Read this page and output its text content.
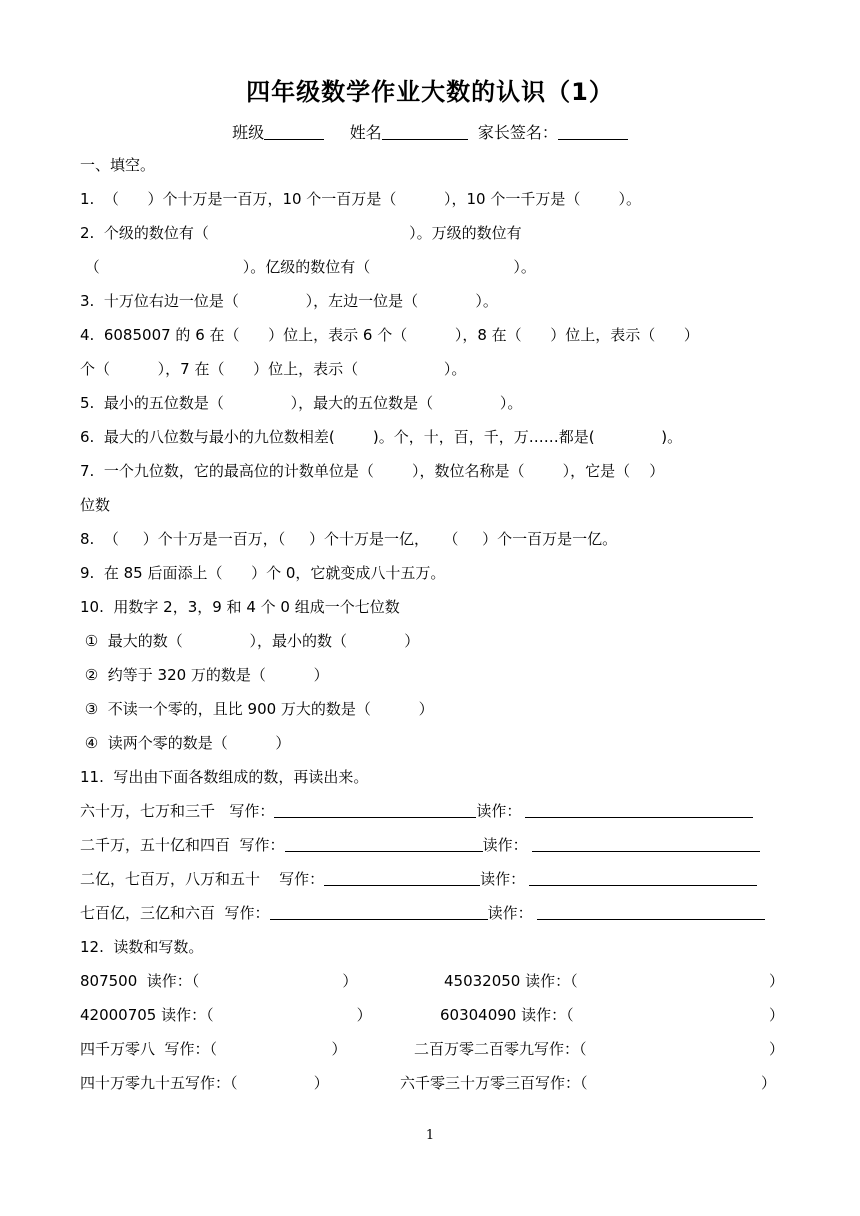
四年级数学作业大数的认识（1）
班级	姓名	家长签名：
一、填空。
1.  （      ）个十万是一百万，10 个一百万是（          ），10 个一千万是（        ）。
2.  个级的数位有（                                          ）。万级的数位有
（                              ）。亿级的数位有（                              ）。
3.  十万位右边一位是（              ），左边一位是（            ）。
4.  6085007 的 6 在（      ）位上，表示 6 个（          ），8 在（      ）位上，表示（      ）
个（          ），7 在（      ）位上，表示（                  ）。
5.  最小的五位数是（              ），最大的五位数是（              ）。
6.  最大的八位数与最小的九位数相差(        )。个，十，百，千，万……都是(              )。
7.  一个九位数，它的最高位的计数单位是（        ），数位名称是（        ），它是（    ）
位数
8.  （     ）个十万是一百万，（     ）个十万是一亿，   （     ）个一百万是一亿。
9.  在 85 后面添上（      ）个 0，它就变成八十五万。
10.  用数字 2，3，9 和 4 个 0 组成一个七位数
①  最大的数（              ），最小的数（            ）
②  约等于 320 万的数是（          ）
③  不读一个零的，且比 900 万大的数是（          ）
④  读两个零的数是（          ）
11.  写出由下面各数组成的数，再读出来。
六十万，七万和三千   写作：	读作：
二千万，五十亿和四百  写作：	读作：
二亿，七百万，八万和五十    写作：	读作：
七百亿，三亿和六百  写作：	读作：
12.  读数和写数。
807500  读作：（                              ）	45032050 读作：（	）
42000705 读作：（                              ）	60304090 读作：（	）
四千万零八  写作：（                        ）	二百万零二百零九写作：（	）
四十万零九十五写作：（                ）	六千零三十万零三百写作：（	）
1
